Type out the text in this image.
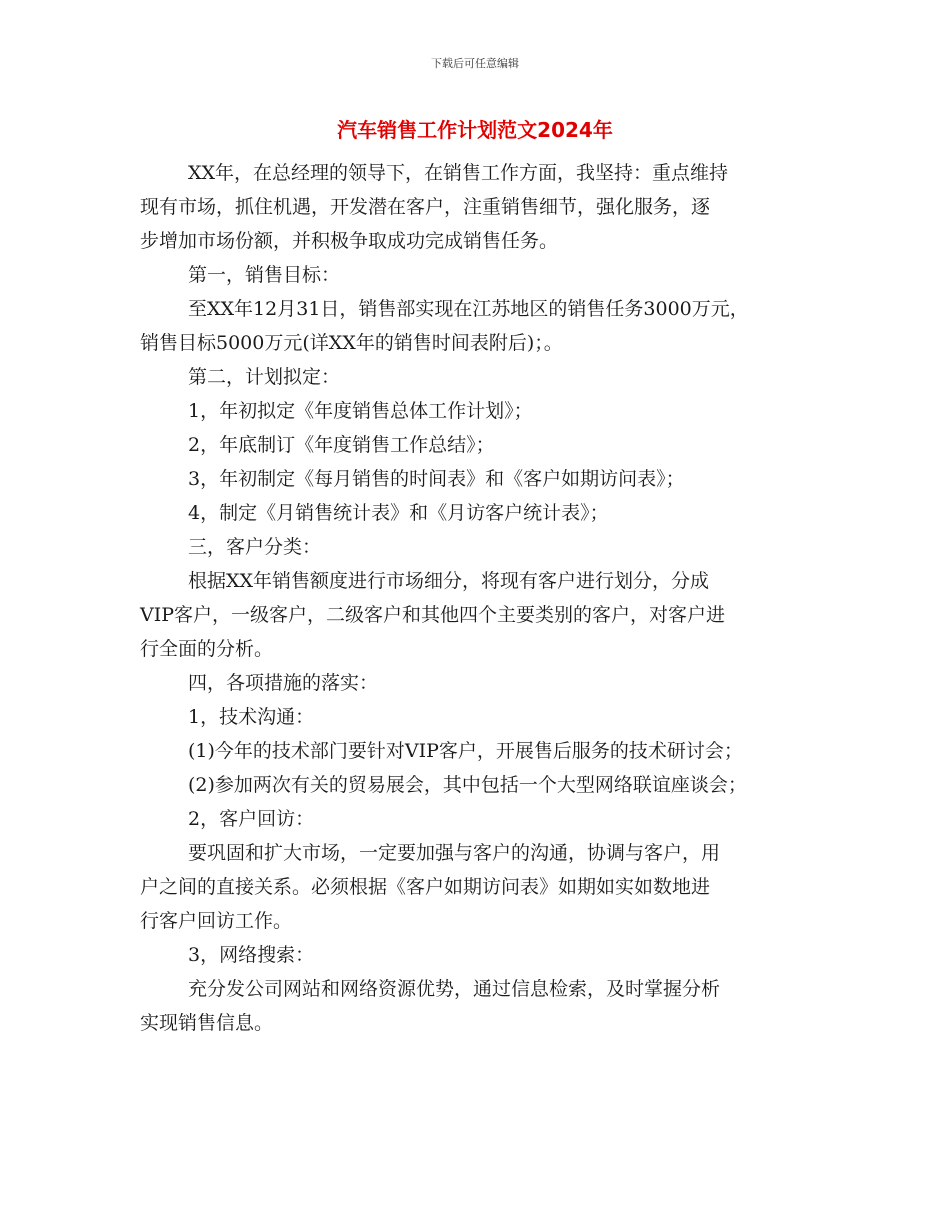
下载后可任意编辑
汽车销售工作计划范文2024年
XX年，在总经理的领导下，在销售工作方面，我坚持：重点维持
现有市场，抓住机遇，开发潜在客户，注重销售细节，强化服务，逐
步增加市场份额，并积极争取成功完成销售任务。
第一，销售目标：
至XX年12月31日，销售部实现在江苏地区的销售任务3000万元，
销售目标5000万元(详XX年的销售时间表附后)；。
第二，计划拟定：
1，年初拟定《年度销售总体工作计划》；
2，年底制订《年度销售工作总结》；
3，年初制定《每月销售的时间表》和《客户如期访问表》；
4，制定《月销售统计表》和《月访客户统计表》；
三，客户分类：
根据XX年销售额度进行市场细分，将现有客户进行划分，分成
VIP客户，一级客户，二级客户和其他四个主要类别的客户，对客户进
行全面的分析。
四，各项措施的落实：
1，技术沟通：
(1)今年的技术部门要针对VIP客户，开展售后服务的技术研讨会；
(2)参加两次有关的贸易展会，其中包括一个大型网络联谊座谈会；
2，客户回访：
要巩固和扩大市场，一定要加强与客户的沟通，协调与客户，用
户之间的直接关系。必须根据《客户如期访问表》如期如实如数地进
行客户回访工作。
3，网络搜索：
充分发公司网站和网络资源优势，通过信息检索，及时掌握分析
实现销售信息。
